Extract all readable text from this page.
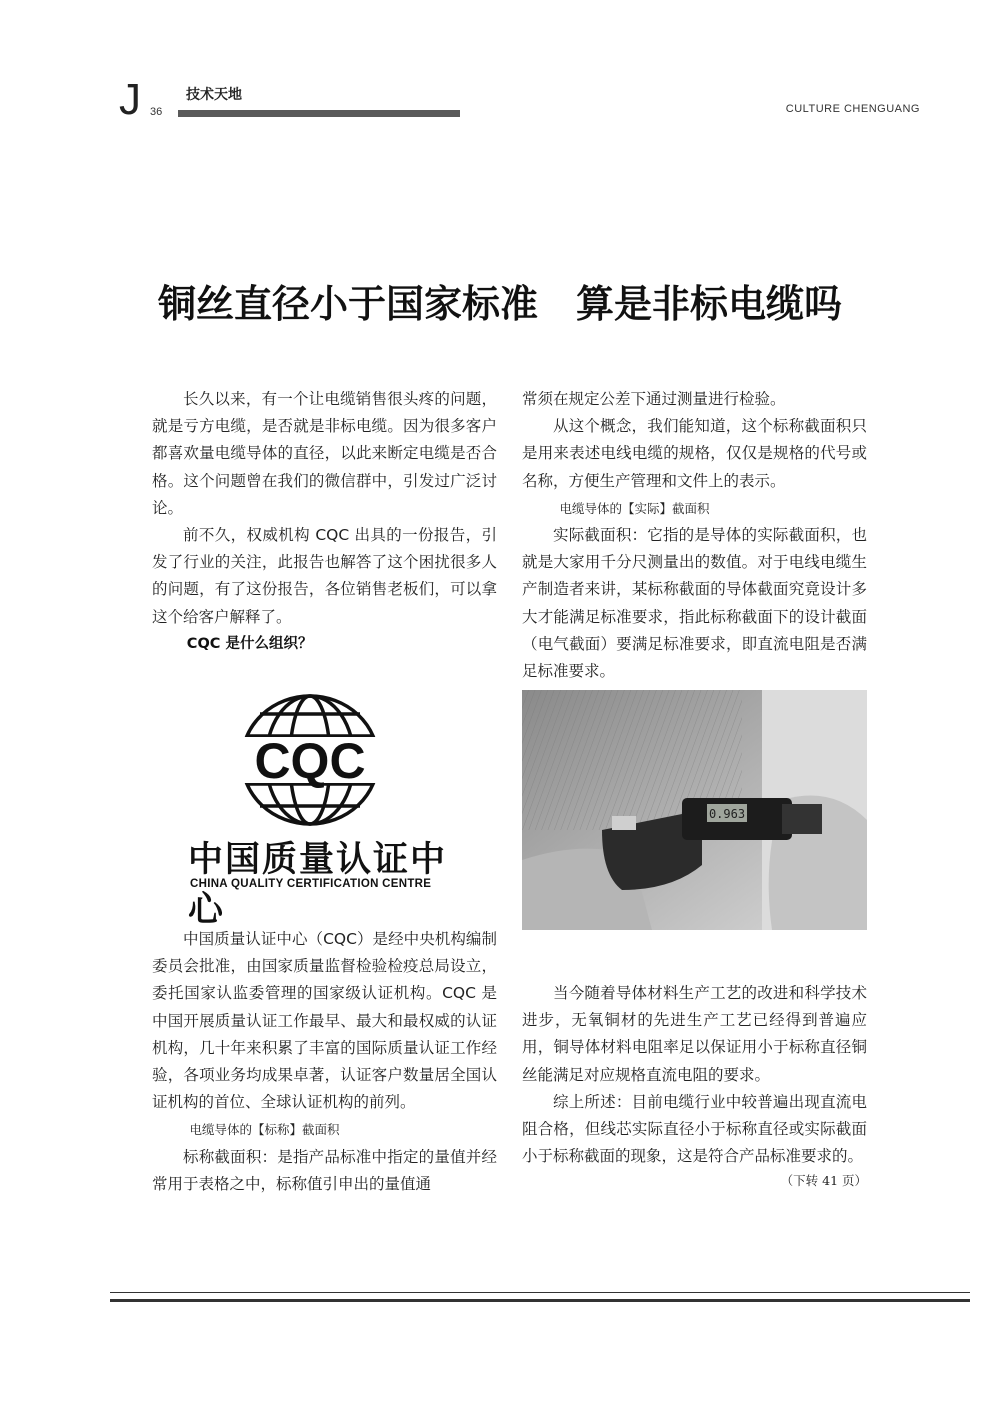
J 36
技术天地
CULTURE CHENGUANG
铜丝直径小于国家标准　算是非标电缆吗

长久以来，有一个让电缆销售很头疼的问题，就是亏方电缆，是否就是非标电缆。因为很多客户都喜欢量电缆导体的直径，以此来断定电缆是否合格。这个问题曾在我们的微信群中，引发过广泛讨论。

前不久，权威机构 CQC 出具的一份报告，引发了行业的关注，此报告也解答了这个困扰很多人的问题，有了这份报告，各位销售老板们，可以拿这个给客户解释了。

CQC 是什么组织？

CQC
中国质量认证中心
CHINA QUALITY CERTIFICATION CENTRE

中国质量认证中心（CQC）是经中央机构编制委员会批准，由国家质量监督检验检疫总局设立，委托国家认监委管理的国家级认证机构。CQC 是中国开展质量认证工作最早、最大和最权威的认证机构，几十年来积累了丰富的国际质量认证工作经验，各项业务均成果卓著，认证客户数量居全国认证机构的首位、全球认证机构的前列。

电缆导体的【标称】截面积

标称截面积：是指产品标准中指定的量值并经常用于表格之中，标称值引申出的量值通

常须在规定公差下通过测量进行检验。

从这个概念，我们能知道，这个标称截面积只是用来表述电线电缆的规格，仅仅是规格的代号或名称，方便生产管理和文件上的表示。

电缆导体的【实际】截面积

实际截面积：它指的是导体的实际截面积，也就是大家用千分尺测量出的数值。对于电线电缆生产制造者来讲，某标称截面的导体截面究竟设计多大才能满足标准要求，指此标称截面下的设计截面（电气截面）要满足标准要求，即直流电阻是否满足标准要求。

0.963

当今随着导体材料生产工艺的改进和科学技术进步，无氧铜材的先进生产工艺已经得到普遍应用，铜导体材料电阻率足以保证用小于标称直径铜丝能满足对应规格直流电阻的要求。

综上所述：目前电缆行业中较普遍出现直流电阻合格，但线芯实际直径小于标称直径或实际截面小于标称截面的现象，这是符合产品标准要求的。

（下转 41 页）
